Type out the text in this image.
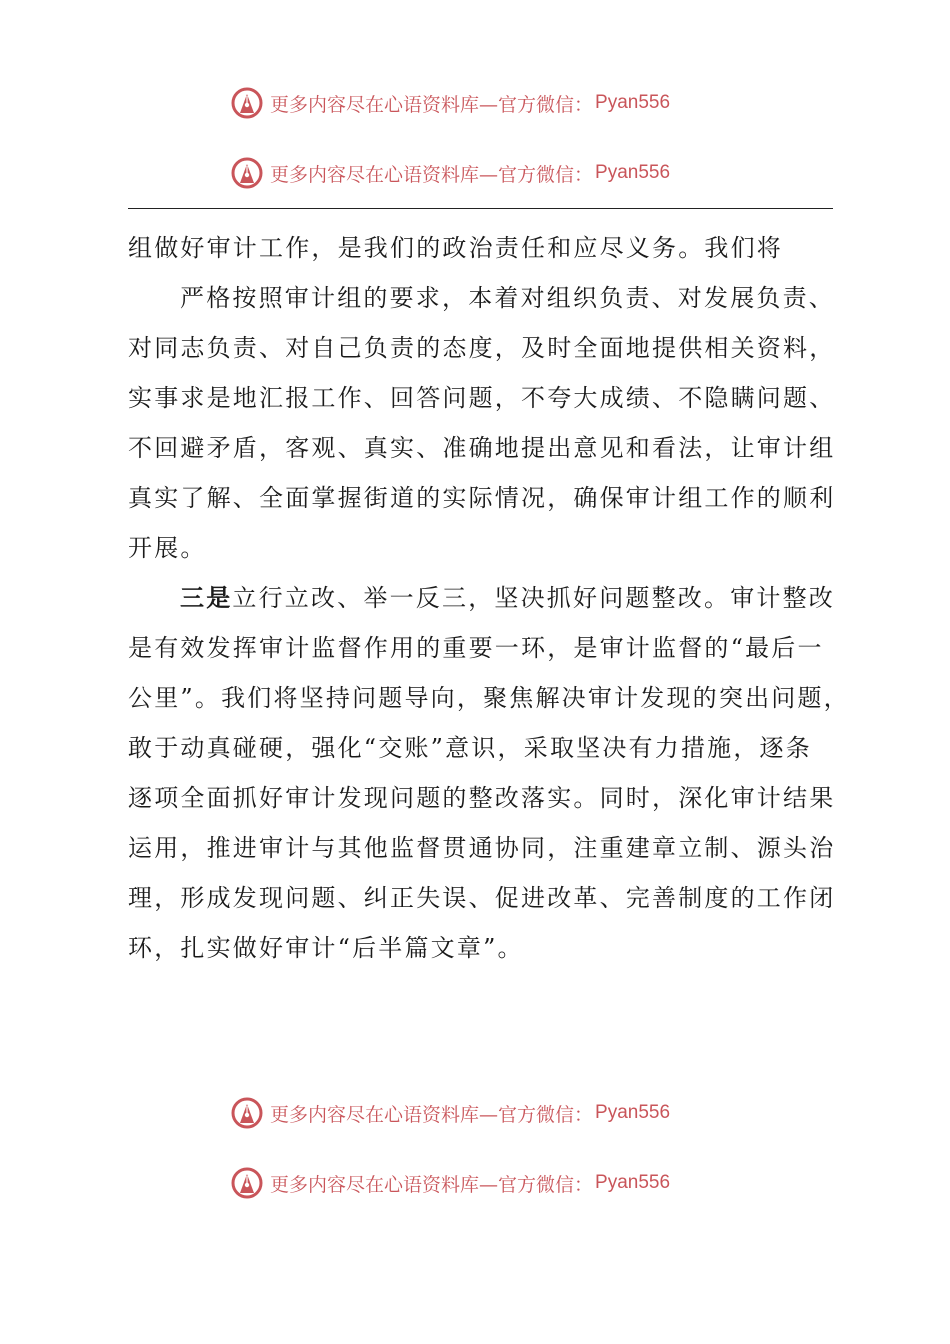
更多内容尽在心语资料库—官方微信： Pyan556
更多内容尽在心语资料库—官方微信： Pyan556
组做好审计工作，是我们的政治责任和应尽义务。我们将
严格按照审计组的要求，本着对组织负责、对发展负责、
对同志负责、对自己负责的态度，及时全面地提供相关资料，
实事求是地汇报工作、回答问题，不夸大成绩、不隐瞒问题、
不回避矛盾，客观、真实、准确地提出意见和看法，让审计组
真实了解、全面掌握街道的实际情况，确保审计组工作的顺利
开展。
三是立行立改、举一反三，坚决抓好问题整改。审计整改
是有效发挥审计监督作用的重要一环，是审计监督的“最后一
公里”。我们将坚持问题导向，聚焦解决审计发现的突出问题，
敢于动真碰硬，强化“交账”意识，采取坚决有力措施，逐条
逐项全面抓好审计发现问题的整改落实。同时，深化审计结果
运用，推进审计与其他监督贯通协同，注重建章立制、源头治
理，形成发现问题、纠正失误、促进改革、完善制度的工作闭
环，扎实做好审计“后半篇文章”。
更多内容尽在心语资料库—官方微信： Pyan556
更多内容尽在心语资料库—官方微信： Pyan556
